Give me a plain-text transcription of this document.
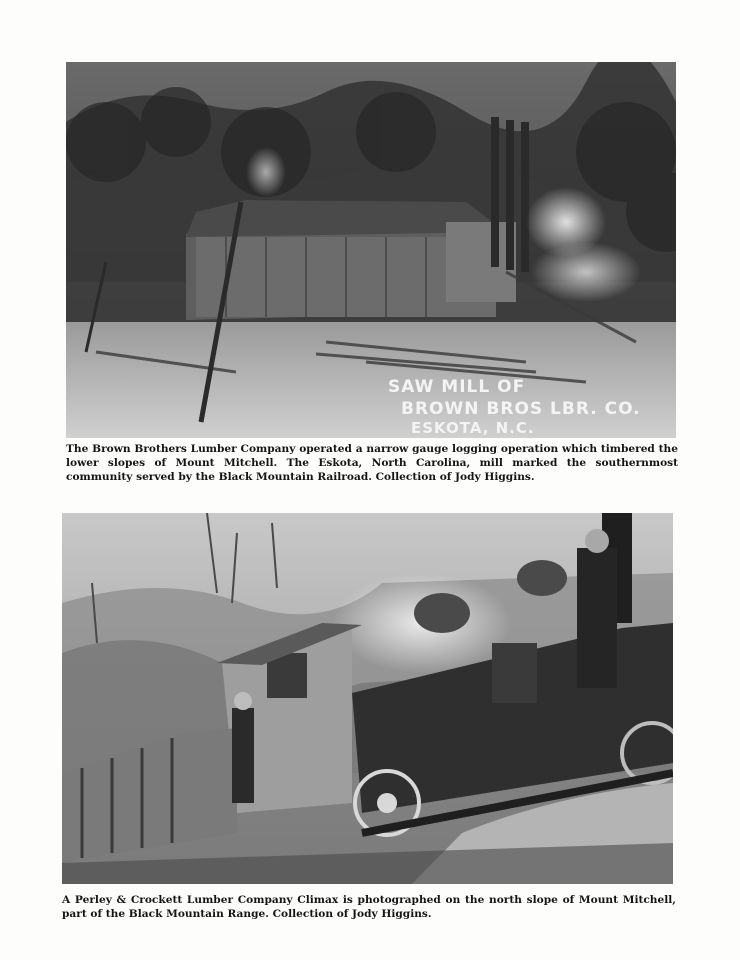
SAW MILL OF
BROWN BROS LBR. CO.
ESKOTA, N.C.

The Brown Brothers Lumber Company operated a narrow gauge logging operation which timbered the lower slopes of Mount Mitchell. The Eskota, North Carolina, mill marked the southernmost community served by the Black Mountain Railroad. Collection of Jody Higgins.

A Perley & Crockett Lumber Company Climax is photographed on the north slope of Mount Mitchell, part of the Black Mountain Range. Collection of Jody Higgins.
